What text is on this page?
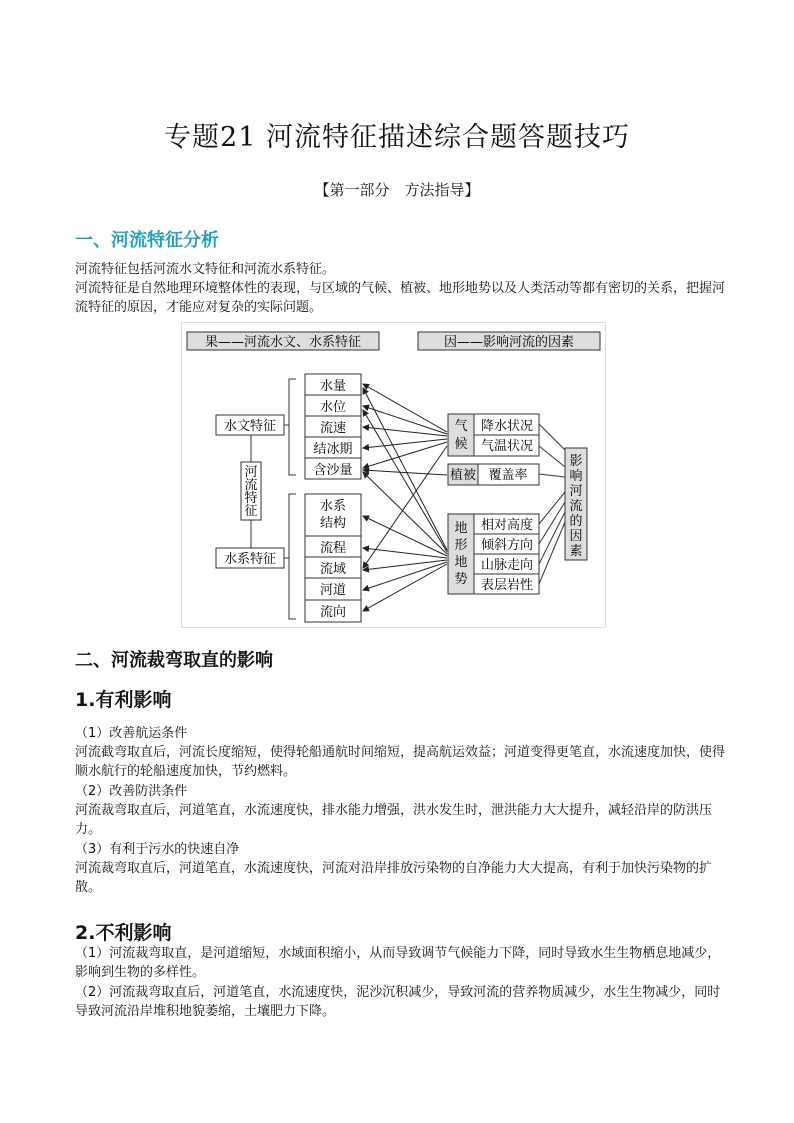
专题21 河流特征描述综合题答题技巧
【第一部分　方法指导】
一、河流特征分析
河流特征包括河流水文特征和河流水系特征。
河流特征是自然地理环境整体性的表现，与区域的气候、植被、地形地势以及人类活动等都有密切的关系，把握河流特征的原因，才能应对复杂的实际问题。
果——河流水文、水系特征	因——影响河流的因素
水文特征
水系特征
河
流
特
征
水量
水位
流速
结冰期
含沙量
水系
结构
流程
流域
河道
流向
气
候
降水状况
气温状况
植被 覆盖率
地
形
地
势
相对高度
倾斜方向
山脉走向
表层岩性
影
响
河
流
的
因
素
二、河流裁弯取直的影响
1.有利影响
（1）改善航运条件
河流截弯取直后，河流长度缩短，使得轮船通航时间缩短，提高航运效益；河道变得更笔直，水流速度加快，使得顺水航行的轮船速度加快，节约燃料。
（2）改善防洪条件
河流裁弯取直后，河道笔直，水流速度快，排水能力增强，洪水发生时，泄洪能力大大提升，减轻沿岸的防洪压力。
（3）有利于污水的快速自净
河流裁弯取直后，河道笔直，水流速度快，河流对沿岸排放污染物的自净能力大大提高，有利于加快污染物的扩散。
2.不利影响
（1）河流裁弯取直，是河道缩短，水域面积缩小，从而导致调节气候能力下降，同时导致水生生物栖息地减少，影响到生物的多样性。
（2）河流裁弯取直后，河道笔直，水流速度快，泥沙沉积减少，导致河流的营养物质减少，水生生物减少，同时导致河流沿岸堆积地貌萎缩，土壤肥力下降。
